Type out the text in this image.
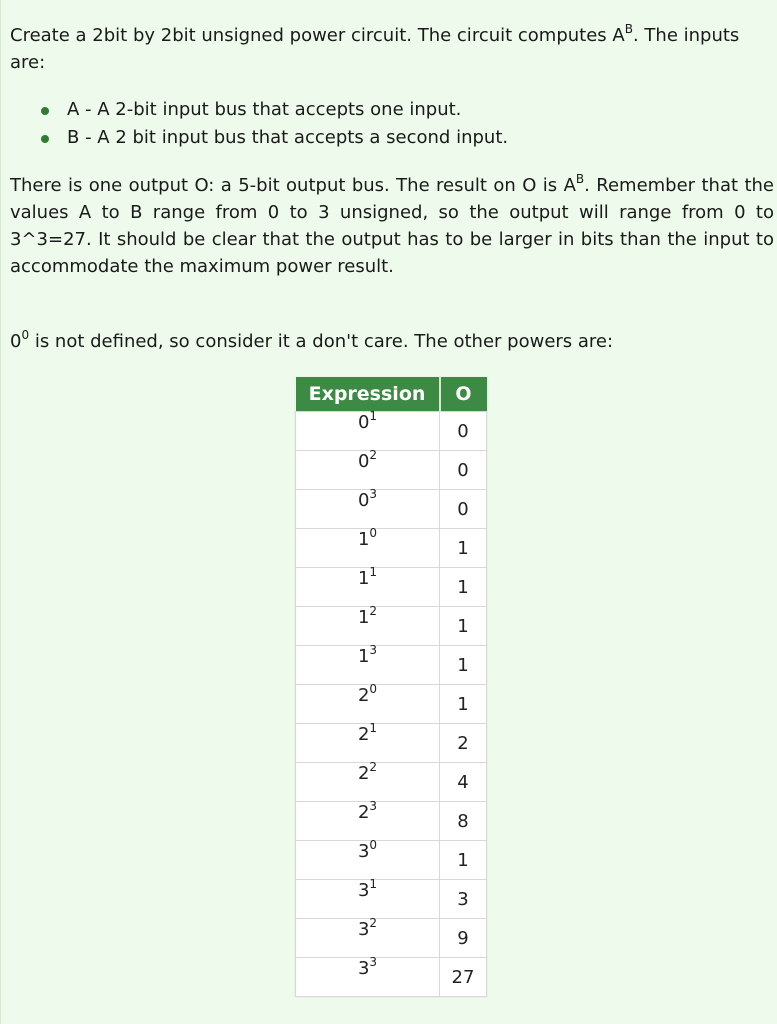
Create a 2bit by 2bit unsigned power circuit. The circuit computes $A^B$. The inputs are:

A - A 2-bit input bus that accepts one input.
B - A 2 bit input bus that accepts a second input.

There is one output O: a 5-bit output bus. The result on O is $A^B$. Remember that the values A to B range from 0 to 3 unsigned, so the output will range from 0 to 3^3=27. It should be clear that the output has to be larger in bits than the input to accommodate the maximum power result.

$0^0$ is not defined, so consider it a don't care. The other powers are:

Expression	O
$0^1$	0
$0^2$	0
$0^3$	0
$1^0$	1
$1^1$	1
$1^2$	1
$1^3$	1
$2^0$	1
$2^1$	2
$2^2$	4
$2^3$	8
$3^0$	1
$3^1$	3
$3^2$	9
$3^3$	27
